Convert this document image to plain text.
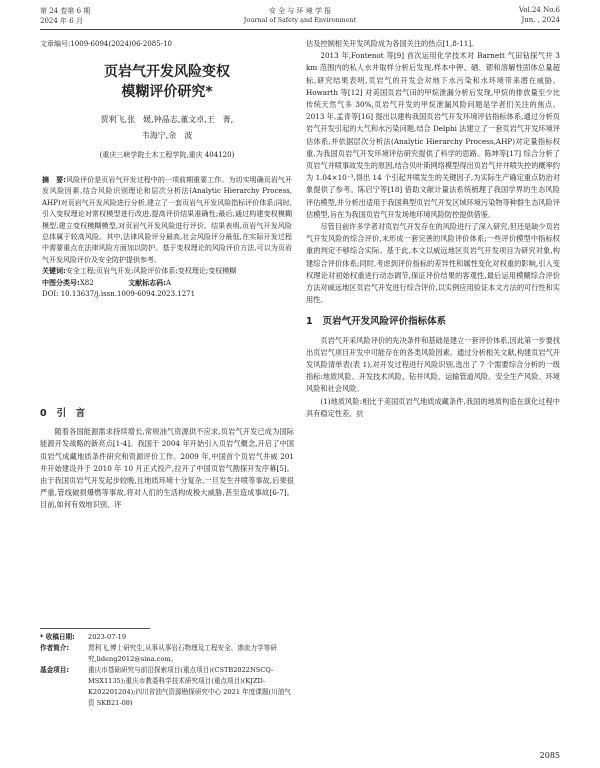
第 24 卷第 6 期	安 全 与 环 境 学 报	Vol.24 No.6
2024 年 6 月	Journal of Safety and Environment	Jun. , 2024
文章编号:1009-6094(2024)06-2085-10
页岩气开发风险变权
模糊评价研究*
贾利飞,张　媛,钟晶志,董文卓,王　菁,
韦海宁,余　波
(重庆三峡学院土木工程学院,重庆 404120)
摘　要:风险评价是页岩气开发过程中的一项前期重要工作。为切实明确页岩气开发风险因素,结合风险识别理论和层次分析法(Analytic Hierarchy Process, AHP)对页岩气开发风险进行分析,建立了一套页岩气开发风险指标评价体系;同时,引入变权理论对常权模型进行改进,提高评价结果准确性;最后,通过构建变权模糊模型,建立变权模糊模型,对页岩气开发风险进行评价。结果表明,页岩气开发风险总体属于较高风险。其中,法律风险评分最高,社会风险评分最低,在实际开发过程中需要重点在法律风险方面加以防护。基于变权理论的风险评价方法,可以为页岩气开发风险评价及安全防护提供参考。
关键词:安全工程;页岩气开发;风险评价体系;变权理论;变权模糊
中图分类号:X82	文献标志码:A
DOI: 10.13637/j.issn.1009-6094.2023.1271
0 引　言

随着各国能源需求持续增长,常规油气资源供不应求,页岩气开发已成为国际能源开发战略的新亮点[1-4]。我国于 2004 年开始引入页岩气概念,开启了中国页岩气成藏地质条件研究和资源评价工作。2009 年,中国首个页岩气井威 201 井开始建设并于 2010 年 10 月正式投产,拉开了中国页岩气勘探开发序幕[5]。由于我国页岩气开发起步较晚,且地质环境十分复杂,一旦发生井喷等事故,后果很严重,管线破损爆燃等事故,将对人们的生活构成极大威胁,甚至造成事故[6-7]。目前,如何有效地识别、评

* 收稿日期:	2023-07-19
作者简介:	贾利飞,博士研究生,从事从事岩石物理及工程安全、渗流力学等研究,lideng2012@sina.com。
基金项目:	重庆市基础研究与前沿探索项目(重点项目)(CSTB2022NSCQ-MSX1135);重庆市教委科学技术研究项目(重点项目)(KJZD-K202201204);四川省油气资源勘探研究中心 2021 年度课题(川油气资 SKB21-08)

估及控制相关开发风险成为各国关注的热点[1,8-11]。

2013 年,Fontenot 等[9] 首次运用化学技术对 Barnett 气田钻探气井 3 km 范围内的私人水井取样分析后发现,样本中钾、硒、锶和溶解性固体总量超标,研究结果表明,页岩气的开发会对地下水污染和水环境带来潜在威胁。Howarth 等[12] 对美国页岩气田的甲烷泄漏分析后发现,甲烷的排放量至少比传统天然气多 30%,页岩气开发的甲烷泄漏风险问题是学者们关注的焦点。2013 年,孟青等[16] 提出以建构我国页岩气开发环境评估指标体系,通过分析页岩气开发引起的大气和水污染问题,结合 Delphi 法建立了一套页岩气开发环境评估体系,并依据层次分析法(Analytic Hierarchy Process,AHP)对定量指标权重,为我国页岩气开发环境评估研究提供了科学的思路。陈坤等[17] 综合分析了页岩气井喷事故发生的原因,结合贝叶斯网络模型得出页岩气井井喷失控的概率约为 1.04×10⁻³,得出 14 个引起井喷发生的关键因子,为实际生产确定重点防治对象提供了参考。陈启宁等[18] 借助文献计量法系统梳理了我国学界的生态风险评估模型,并分析出适用于我国典型页岩气开发区域环境污染物等种群生态风险评估模型,旨在为我国页岩气开发场地环境风险防控提供借鉴。

尽管目前许多学者对页岩气开发存在的风险进行了深入研究,但还是缺少页岩气开发风险的综合评价,未形成一套完善的风险评价体系;一些评价模型中指标权重的判定不够综合实际。基于此,本文以威远地区页岩气开发项目为研究对象,构建综合评价体系;同时,考虑到评价指标的差异性和属性变化对权重的影响,引入变权理论对初始权重进行动态调节,保证评价结果的客观性,最后运用模糊综合评价方法对威远地区页岩气开发进行综合评价,以实例应用验证本文方法的可行性和实用性。

1 页岩气开发风险评价指标体系

页岩气开采风险评价的先决条件和基础是建立一套评价体系,因此第一步要找出页岩气项目开发中可能存在的各类风险因素。通过分析相关文献,构建页岩气开发风险清单表(表 1),对开发过程进行风险识别,选出了 7 个需要综合分析的一级指标:地质风险、开发技术风险、钻井风险、运输管道风险、安全生产风险、环境风险和社会风险。

(1)地质风险:相比于美国页岩气地质成藏条件,我国的地质构造在演化过程中具有稳定性差、抗

2085
